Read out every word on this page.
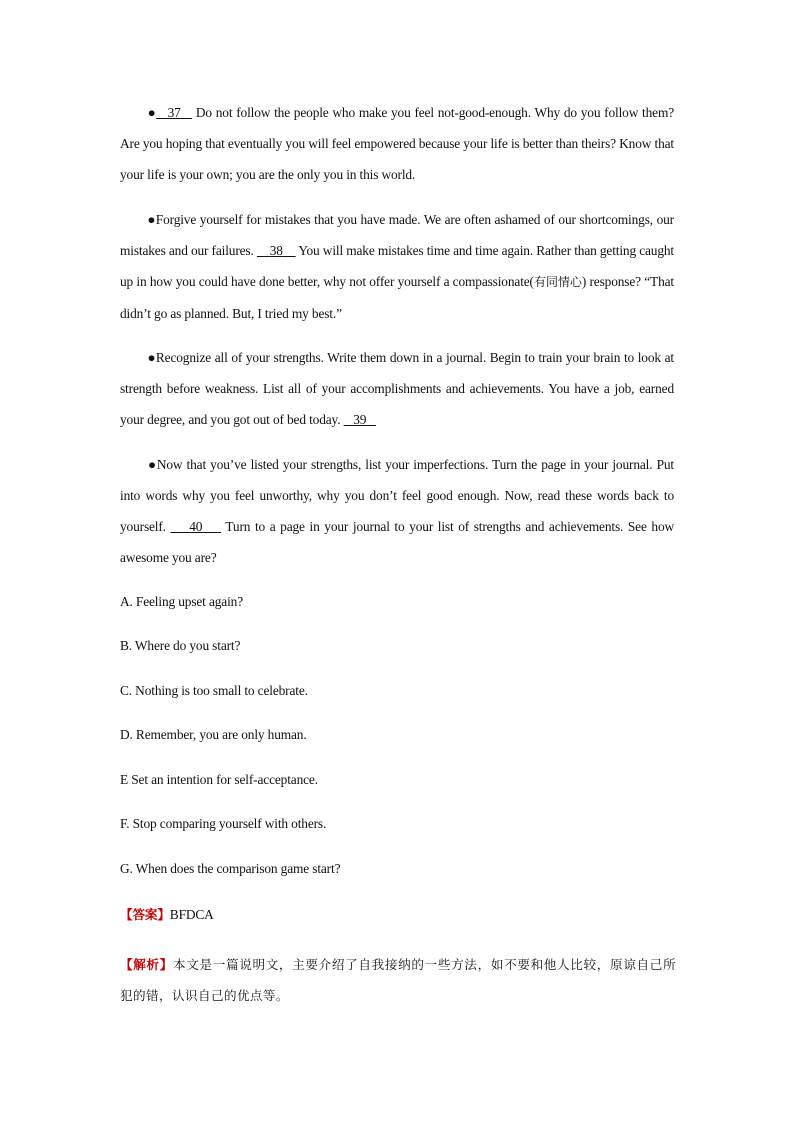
● 37    Do not follow the people who make you feel not-good-enough. Why do you follow them? Are you hoping that eventually you will feel empowered because your life is better than theirs? Know that your life is your own; you are the only you in this world.

●Forgive yourself for mistakes that you have made. We are often ashamed of our shortcomings, our mistakes and our failures.     38     You will make mistakes time and time again. Rather than getting caught up in how you could have done better, why not offer yourself a compassionate(有同情心) response? “That didn’t go as planned. But, I tried my best.”

●Recognize all of your strengths. Write them down in a journal. Begin to train your brain to look at strength before weakness. List all of your accomplishments and achievements. You have a job, earned your degree, and you got out of bed today.    39

●Now that you’ve listed your strengths, list your imperfections. Turn the page in your journal. Put into words why you feel unworthy, why you don’t feel good enough. Now, read these words back to yourself.     40     Turn to a page in your journal to your list of strengths and achievements. See how awesome you are?

A. Feeling upset again?

B. Where do you start?

C. Nothing is too small to celebrate.

D. Remember, you are only human.

E Set an intention for self-acceptance.

F. Stop comparing yourself with others.

G. When does the comparison game start?

【答案】BFDCA

【解析】本文是一篇说明文，主要介绍了自我接纳的一些方法，如不要和他人比较，原谅自己所犯的错，认识自己的优点等。
